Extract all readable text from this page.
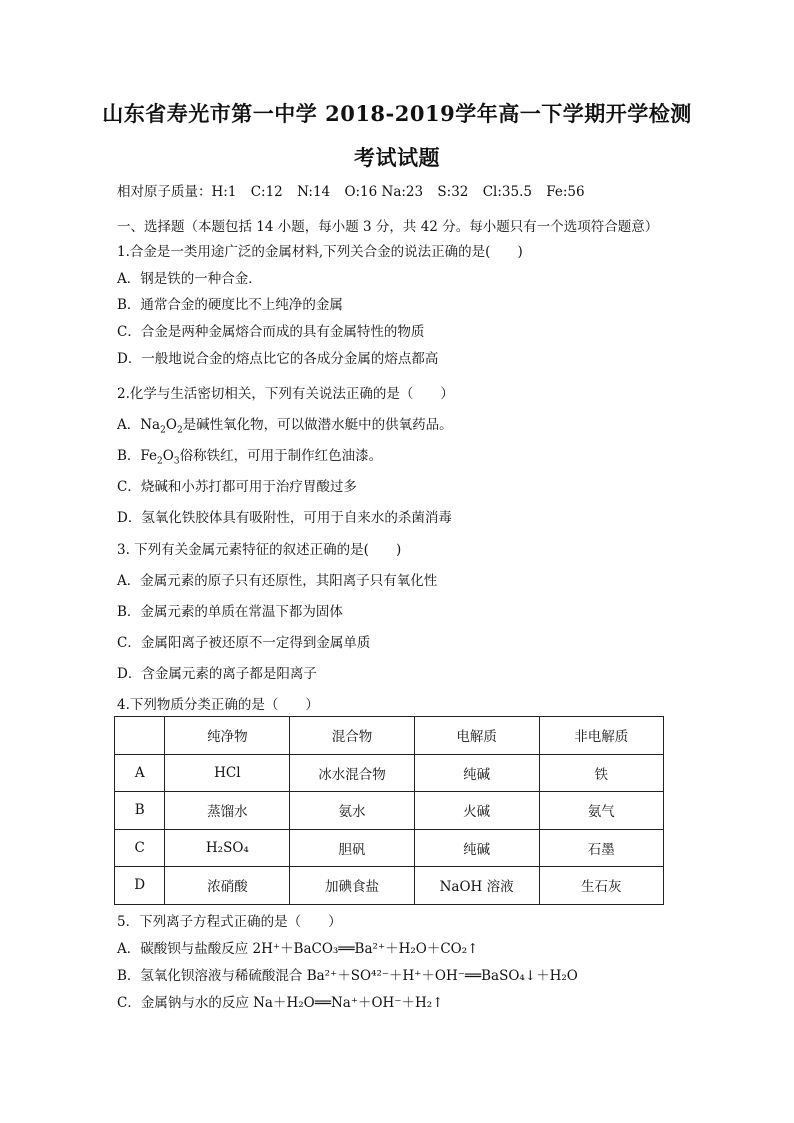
山东省寿光市第一中学 2018-2019学年高一下学期开学检测
考试试题
相对原子质量：H:1 C:12 N:14 O:16 Na:23 S:32 Cl:35.5 Fe:56
一、选择题（本题包括 14 小题，每小题 3 分，共 42 分。每小题只有一个选项符合题意）
1.合金是一类用途广泛的金属材料,下列关合金的说法正确的是(　　)
A．钢是铁的一种合金．
B．通常合金的硬度比不上纯净的金属
C．合金是两种金属熔合而成的具有金属特性的物质
D．一般地说合金的熔点比它的各成分金属的熔点都高
2.化学与生活密切相关，下列有关说法正确的是（　　）
A．$Na_2O_2$是碱性氧化物，可以做潜水艇中的供氧药品。
B．$Fe_2O_3$俗称铁红，可用于制作红色油漆。
C．烧碱和小苏打都可用于治疗胃酸过多
D．氢氧化铁胶体具有吸附性，可用于自来水的杀菌消毒
3. 下列有关金属元素特征的叙述正确的是(　　)
A．金属元素的原子只有还原性，其阳离子只有氧化性
B．金属元素的单质在常温下都为固体
C．金属阳离子被还原不一定得到金属单质
D．含金属元素的离子都是阳离子
4.下列物质分类正确的是（　　）
	纯净物	混合物	电解质	非电解质
A	HCl	冰水混合物	纯碱	铁
B	蒸馏水	氨水	火碱	氨气
C	H₂SO₄	胆矾	纯碱	石墨
D	浓硝酸	加碘食盐	NaOH 溶液	生石灰
5．下列离子方程式正确的是（　　）
A．碳酸钡与盐酸反应 2H⁺＋BaCO₃══Ba²⁺＋H₂O＋CO₂↑
B．氢氧化钡溶液与稀硫酸混合 Ba²⁺＋SO⁴²⁻＋H⁺＋OH⁻══BaSO₄↓＋H₂O
C．金属钠与水的反应 Na＋H₂O══Na⁺＋OH⁻＋H₂↑
